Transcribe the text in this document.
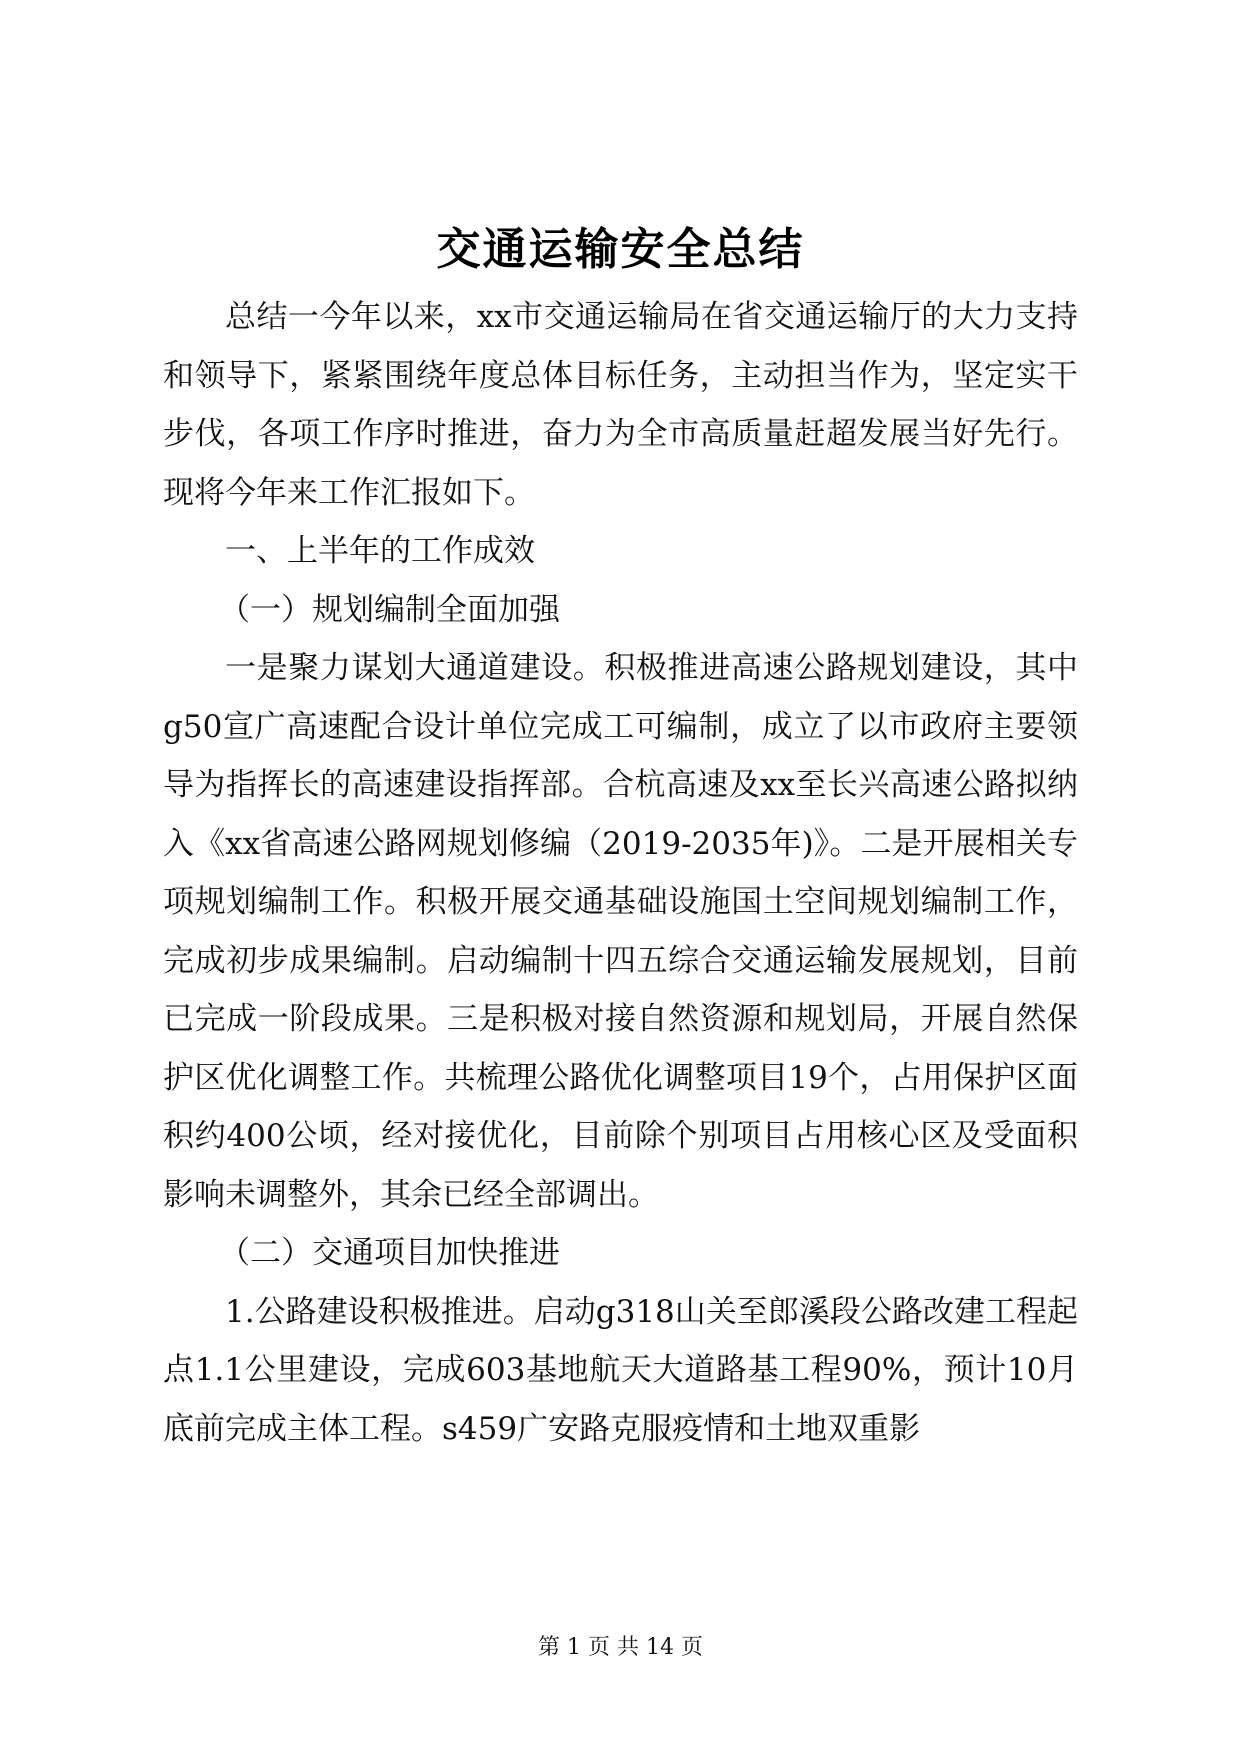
交通运输安全总结

总结一今年以来，xx市交通运输局在省交通运输厅的大力支持和领导下，紧紧围绕年度总体目标任务，主动担当作为，坚定实干步伐，各项工作序时推进，奋力为全市高质量赶超发展当好先行。现将今年来工作汇报如下。

一、上半年的工作成效

（一）规划编制全面加强

一是聚力谋划大通道建设。积极推进高速公路规划建设，其中g50宣广高速配合设计单位完成工可编制，成立了以市政府主要领导为指挥长的高速建设指挥部。合杭高速及xx至长兴高速公路拟纳入《xx省高速公路网规划修编（2019-2035年)》。二是开展相关专项规划编制工作。积极开展交通基础设施国土空间规划编制工作，完成初步成果编制。启动编制十四五综合交通运输发展规划，目前已完成一阶段成果。三是积极对接自然资源和规划局，开展自然保护区优化调整工作。共梳理公路优化调整项目19个，占用保护区面积约400公顷，经对接优化，目前除个别项目占用核心区及受面积影响未调整外，其余已经全部调出。

（二）交通项目加快推进

1.公路建设积极推进。启动g318山关至郎溪段公路改建工程起点1.1公里建设，完成603基地航天大道路基工程90%，预计10月底前完成主体工程。s459广安路克服疫情和土地双重影

第 1 页 共 14 页
